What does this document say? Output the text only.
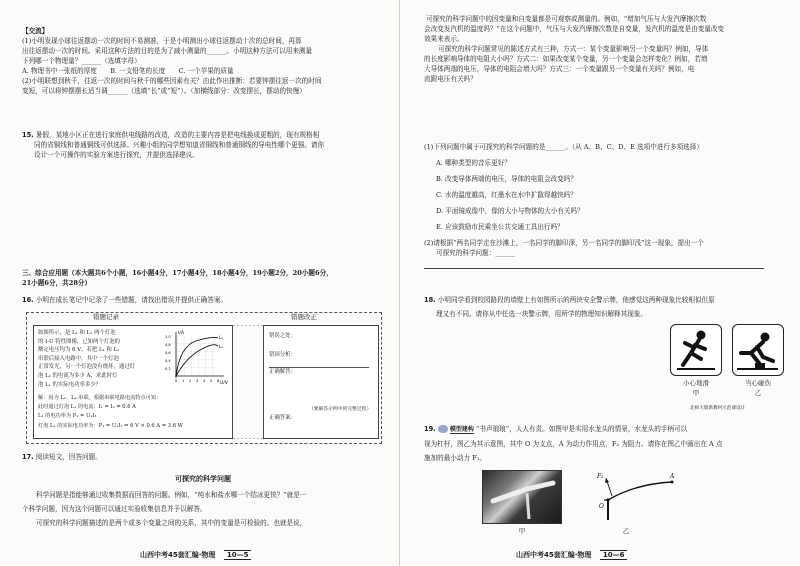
【交流】
(1)小明发现小球往返摆动一次的时间不易测准，于是小明测出小球往返摆动十次的总时间，再算
出往返摆动一次的时间。采用这种方法的目的是为了减小测量的______。小明这种方法可以用来测量
下列哪一个物理量？______（选填字母）
A. 物理书中一张纸的厚度　　B. 一支铅笔的长度　　C. 一个苹果的质量
(2)小明联想到秋千，往返一次的时间与秋千的哪些因素有关？由此作出推断：若要钟摆往返一次的时间
变短，可以将钟摆摆长适当调______（选填“长”或“短”）。（加横线部分：改变摆长，摆动的快慢）
15. 暑假，某地小区正在进行家庭供电线路的改造，改造的主要内容是把电线换成更粗的，现有规格相
同的省铜线和普通铜线可供选择。兴趣小组的同学想知道省铜线和普通铜线的导电性哪个更强。请你
设计一个可操作的实验方案进行探究，并提供选择建议。
三、综合应用题（本大题共6个小题，16小题4分，17小题4分，18小题4分，19小题2分，20小题6分，
21小题6分，共28分）
16. 小明在成长笔记中记录了一些错题，请找出错误并提供正确答案。
错题记录	错题改正
如图所示，是 L₁ 和 L₂ 两个灯泡
的 I-U 特性图像，已知两个灯泡的
额定电压均为 6 V，若把 L₁ 和 L₂
串联后接入电路中，其中一个灯泡
正常发光，另一个灯泡没有烧坏，通过灯
泡 L₂ 的电流为多少 A，求此时灯
泡 L₁ 的实际电功率多少？
解：因为 L₁、L₂ 串联，根据串联电路电流特点可知：
此时通过灯泡 L₁ 的电流：I₁ = I₂ = 0.6 A
L₁ 的电功率为 P₁ = U₁I₁
灯泡 L₁ 的实际电功率为：P₁ = U₁I₁ = 6 V × 0.6 A = 3.6 W
I/A
U/V
1.0
0.8
0.6
0.4
0.2
0 1 2 3 4 5 6
L₁
L₂
错误之处：
错因分析：
正确解答：
（要解答示例中的完整过程）
正确答案：
17. 阅读短文，回答问题。
可探究的科学问题
科学问题是指能够通过收集数据而回答的问题。例如，“纯水和盐水哪一个结冰更快？”就是一
个科学问题，因为这个问题可以通过实验收集信息并予以解答。
可探究的科学问题描述的是两个或多个变量之间的关系，其中的变量是可检验的。也就是说，
山西中考45套汇编·物理 10—5
可探究的科学问题中的因变量和自变量都是可观察或测量的。例如，“增加气压与大发汽摩擦次数
会改变发汽机的温度吗？”在这个问题中，气压与大发汽摩擦次数是自变量，发汽机的温度是由变量改变
效果来表示。
可探究的科学问题常见的陈述方式有三种，方式一：某个变量影响另一个变量吗？例如，导体
的长度影响导体的电阻大小吗？方式二：如果改变某个变量，另一个变量会怎样变化？例如，若增
大导体两端的电压，导体的电阻会增大吗？方式三：一个变量跟另一个变量有关吗？例如，电
流跟电压有关吗？
(1)下列问题中属于可探究的科学问题的是______。（从 A、B、C、D、E 选项中进行多项选择）
A. 哪种类型的音乐更好？
B. 改变导体两端的电压，导体的电阻会改变吗？
C. 水的温度越高，红墨水在水中扩散得越快吗？
D. 平面镜成像中，像的大小与物体的大小有关吗？
E. 应该鼓励市民乘坐公共交通工具出行吗？
(2)请根据“两名同学走在沙滩上，一名同学的脚印深，另一名同学的脚印浅”这一现象，提出一个
可探究的科学问题：______
18. 小明同学看到校园路段的墙壁上有如图所示的两块安全警示牌，他感觉这两种现象比较相似但原
理又有不同。请你从中任选一块警示牌，用所学的物理知识解释其现象。
小心地滑
甲
当心碰伤
乙
北师大版新教材示范课设计
19. 模型建构 “书声琅琅”，人人有责。如图甲是实用水龙头的情景，水龙头的手柄可以
视为杠杆，图乙为其示意图，其中 O 为支点，A 为动力作用点，F₂ 为阻力。请你在图乙中画出在 A 点
施加的最小动力 F₁。
甲
F₂
O
A
乙
山西中考45套汇编·物理 10—6
